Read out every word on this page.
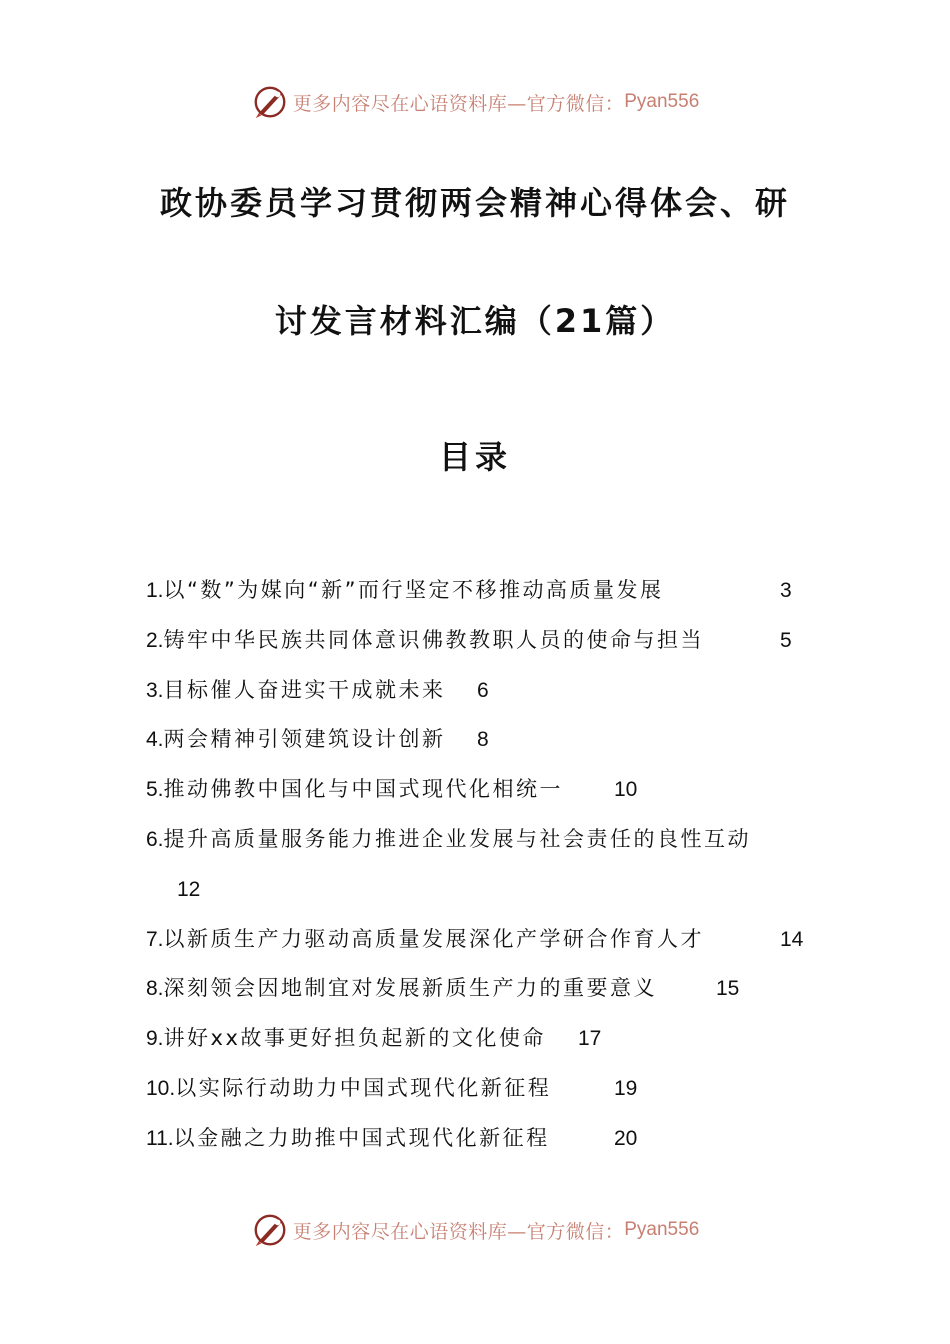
更多内容尽在心语资料库—官方微信： Pyan556
政协委员学习贯彻两会精神心得体会、研
讨发言材料汇编（21篇）
目录
1.以“数”为媒向“新”而行坚定不移推动高质量发展	3
2.铸牢中华民族共同体意识佛教教职人员的使命与担当	5
3.目标催人奋进实干成就未来 6
4.两会精神引领建筑设计创新 8
5.推动佛教中国化与中国式现代化相统一 10
6.提升高质量服务能力推进企业发展与社会责任的良性互动
12
7.以新质生产力驱动高质量发展深化产学研合作育人才	14
8.深刻领会因地制宜对发展新质生产力的重要意义	15
9.讲好xx故事更好担负起新的文化使命 17
10.以实际行动助力中国式现代化新征程	19
11.以金融之力助推中国式现代化新征程	20
更多内容尽在心语资料库—官方微信： Pyan556
